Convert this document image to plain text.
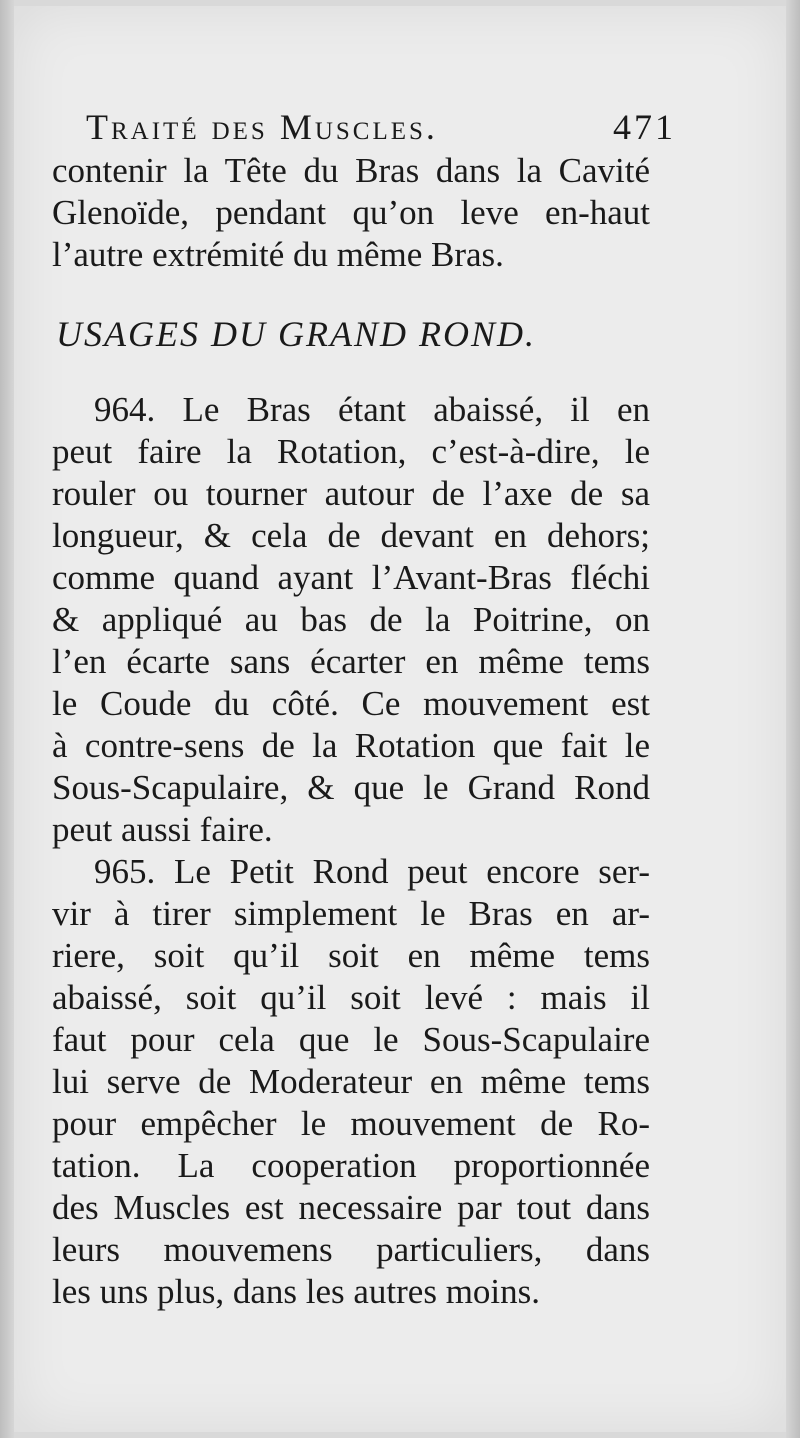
Traité des Muscles.	471
contenir la Tête du Bras dans la Cavité
Glenoïde, pendant qu’on leve en-haut
l’autre extrémité du même Bras.
USAGES DU GRAND ROND.
964. Le Bras étant abaissé, il en
peut faire la Rotation, c’est-à-dire, le
rouler ou tourner autour de l’axe de sa
longueur, & cela de devant en dehors;
comme quand ayant l’Avant-Bras fléchi
& appliqué au bas de la Poitrine, on
l’en écarte sans écarter en même tems
le Coude du côté. Ce mouvement est
à contre-sens de la Rotation que fait le
Sous-Scapulaire, & que le Grand Rond
peut aussi faire.
965. Le Petit Rond peut encore ser-
vir à tirer simplement le Bras en ar-
riere, soit qu’il soit en même tems
abaissé, soit qu’il soit levé : mais il
faut pour cela que le Sous-Scapulaire
lui serve de Moderateur en même tems
pour empêcher le mouvement de Ro-
tation. La cooperation proportionnée
des Muscles est necessaire par tout dans
leurs mouvemens particuliers, dans
les uns plus, dans les autres moins.
